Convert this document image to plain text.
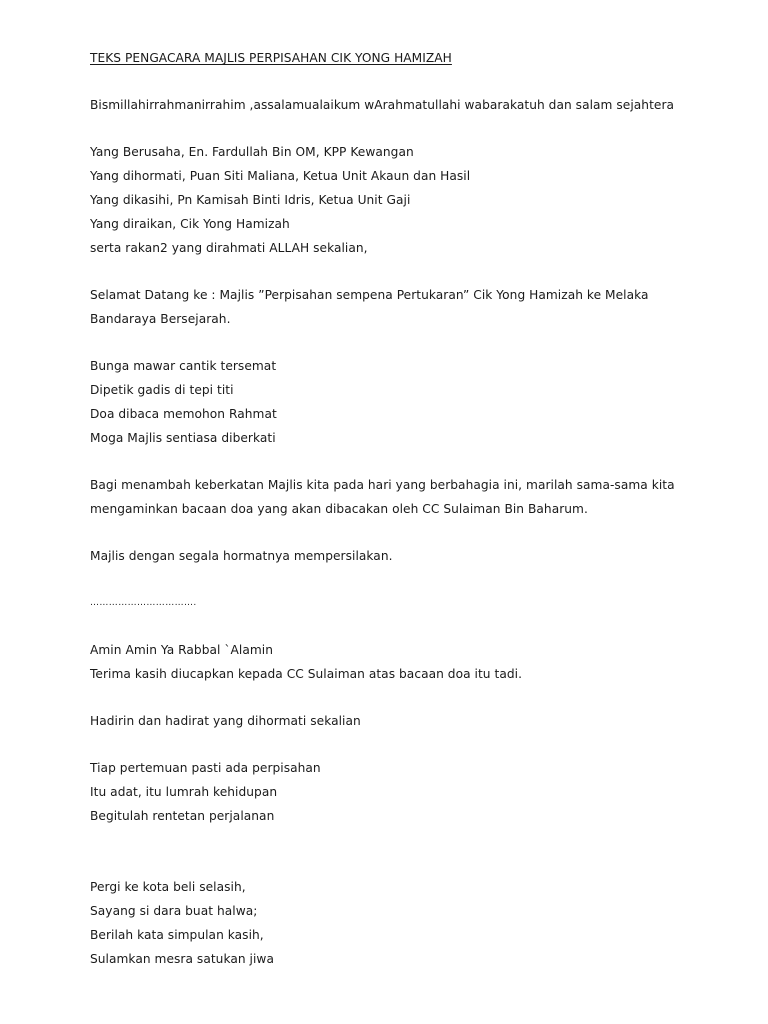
TEKS PENGACARA MAJLIS PERPISAHAN CIK YONG HAMIZAH
Bismillahirrahmanirrahim ,assalamualaikum wArahmatullahi wabarakatuh dan salam sejahtera
Yang Berusaha, En. Fardullah Bin OM, KPP Kewangan
Yang dihormati, Puan Siti Maliana, Ketua Unit Akaun dan Hasil
Yang dikasihi, Pn Kamisah Binti Idris, Ketua Unit Gaji
Yang diraikan, Cik Yong Hamizah
serta rakan2 yang dirahmati ALLAH sekalian,
Selamat Datang ke : Majlis ”Perpisahan sempena Pertukaran” Cik Yong Hamizah ke Melaka
Bandaraya Bersejarah.
Bunga mawar cantik tersemat
Dipetik gadis di tepi titi
Doa dibaca memohon Rahmat
Moga Majlis sentiasa diberkati
Bagi menambah keberkatan Majlis kita pada hari yang berbahagia ini, marilah sama-sama kita
mengaminkan bacaan doa yang akan dibacakan oleh CC Sulaiman Bin Baharum.
Majlis dengan segala hormatnya mempersilakan.
…………………………….
Amin Amin Ya Rabbal `Alamin
Terima kasih diucapkan kepada CC Sulaiman atas bacaan doa itu tadi.
Hadirin dan hadirat yang dihormati sekalian
Tiap pertemuan pasti ada perpisahan
Itu adat, itu lumrah kehidupan
Begitulah rentetan perjalanan
Pergi ke kota beli selasih,
Sayang si dara buat halwa;
Berilah kata simpulan kasih,
Sulamkan mesra satukan jiwa
